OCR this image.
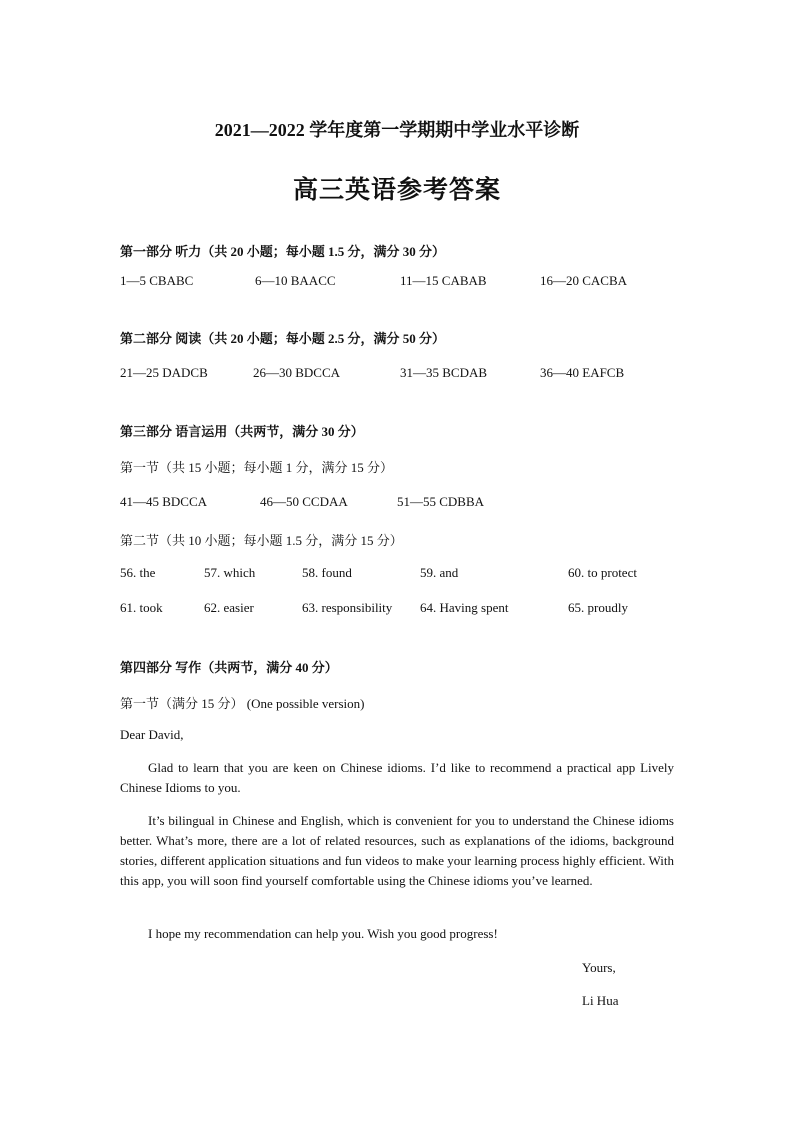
2021—2022 学年度第一学期期中学业水平诊断
高三英语参考答案
第一部分 听力（共 20 小题；每小题 1.5 分，满分 30 分）
1—5 CBABC	6—10 BAACC	11—15 CABAB	16—20 CACBA
第二部分 阅读（共 20 小题；每小题 2.5 分，满分 50 分）
21—25 DADCB	26—30 BDCCA	31—35 BCDAB	36—40 EAFCB
第三部分 语言运用（共两节，满分 30 分）
第一节（共 15 小题；每小题 1 分，满分 15 分）
41—45 BDCCA	46—50 CCDAA	51—55 CDBBA
第二节（共 10 小题；每小题 1.5 分，满分 15 分）
56. the	57. which	58. found	59. and	60. to protect
61. took	62. easier	63. responsibility 64. Having spent	65. proudly
第四部分 写作（共两节，满分 40 分）
第一节（满分 15 分） (One possible version)
Dear David,
Glad to learn that you are keen on Chinese idioms. I’d like to recommend a practical app Lively Chinese Idioms to you.
It’s bilingual in Chinese and English, which is convenient for you to understand the Chinese idioms better. What’s more, there are a lot of related resources, such as explanations of the idioms, background stories, different application situations and fun videos to make your learning process highly efficient. With this app, you will soon find yourself comfortable using the Chinese idioms you’ve learned.
I hope my recommendation can help you. Wish you good progress!
Yours,
Li Hua
